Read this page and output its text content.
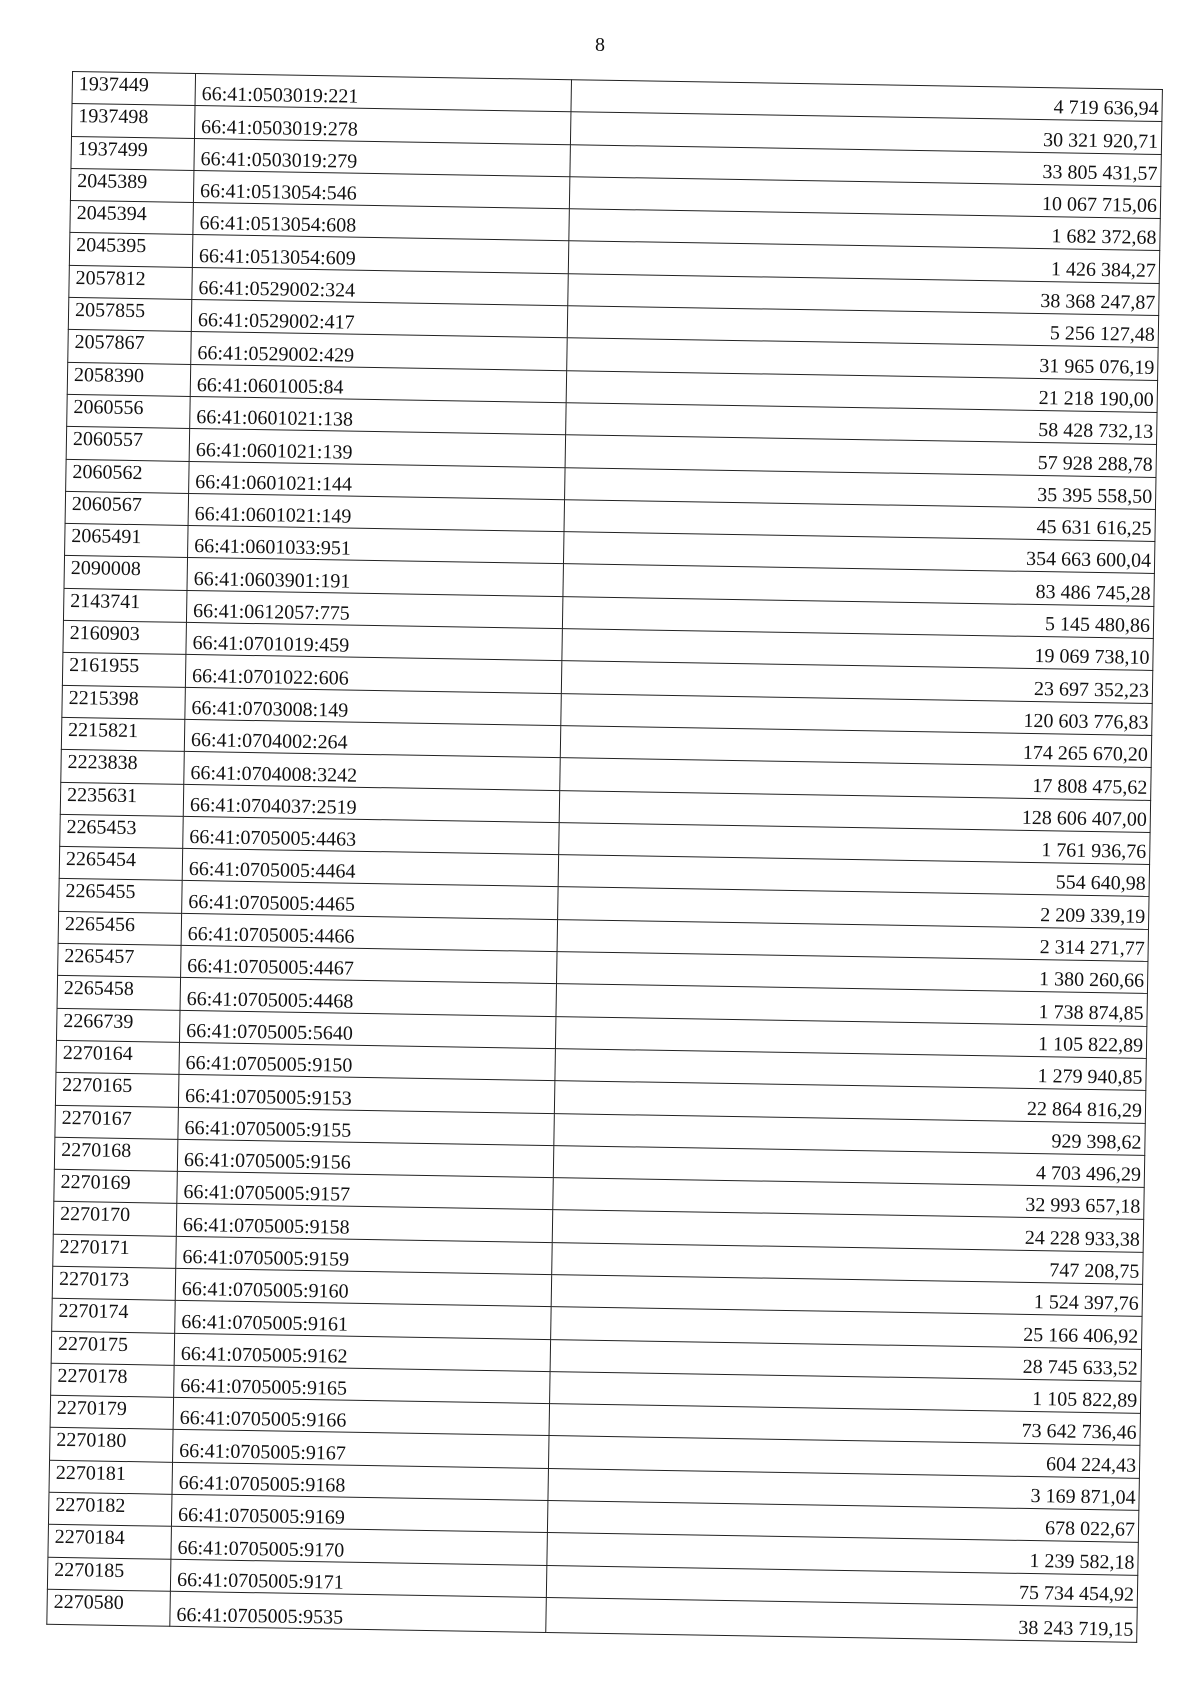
8
1937449	66:41:0503019:221	4 719 636,94
1937498	66:41:0503019:278	30 321 920,71
1937499	66:41:0503019:279	33 805 431,57
2045389	66:41:0513054:546	10 067 715,06
2045394	66:41:0513054:608	1 682 372,68
2045395	66:41:0513054:609	1 426 384,27
2057812	66:41:0529002:324	38 368 247,87
2057855	66:41:0529002:417	5 256 127,48
2057867	66:41:0529002:429	31 965 076,19
2058390	66:41:0601005:84	21 218 190,00
2060556	66:41:0601021:138	58 428 732,13
2060557	66:41:0601021:139	57 928 288,78
2060562	66:41:0601021:144	35 395 558,50
2060567	66:41:0601021:149	45 631 616,25
2065491	66:41:0601033:951	354 663 600,04
2090008	66:41:0603901:191	83 486 745,28
2143741	66:41:0612057:775	5 145 480,86
2160903	66:41:0701019:459	19 069 738,10
2161955	66:41:0701022:606	23 697 352,23
2215398	66:41:0703008:149	120 603 776,83
2215821	66:41:0704002:264	174 265 670,20
2223838	66:41:0704008:3242	17 808 475,62
2235631	66:41:0704037:2519	128 606 407,00
2265453	66:41:0705005:4463	1 761 936,76
2265454	66:41:0705005:4464	554 640,98
2265455	66:41:0705005:4465	2 209 339,19
2265456	66:41:0705005:4466	2 314 271,77
2265457	66:41:0705005:4467	1 380 260,66
2265458	66:41:0705005:4468	1 738 874,85
2266739	66:41:0705005:5640	1 105 822,89
2270164	66:41:0705005:9150	1 279 940,85
2270165	66:41:0705005:9153	22 864 816,29
2270167	66:41:0705005:9155	929 398,62
2270168	66:41:0705005:9156	4 703 496,29
2270169	66:41:0705005:9157	32 993 657,18
2270170	66:41:0705005:9158	24 228 933,38
2270171	66:41:0705005:9159	747 208,75
2270173	66:41:0705005:9160	1 524 397,76
2270174	66:41:0705005:9161	25 166 406,92
2270175	66:41:0705005:9162	28 745 633,52
2270178	66:41:0705005:9165	1 105 822,89
2270179	66:41:0705005:9166	73 642 736,46
2270180	66:41:0705005:9167	604 224,43
2270181	66:41:0705005:9168	3 169 871,04
2270182	66:41:0705005:9169	678 022,67
2270184	66:41:0705005:9170	1 239 582,18
2270185	66:41:0705005:9171	75 734 454,92
2270580	66:41:0705005:9535	38 243 719,15
